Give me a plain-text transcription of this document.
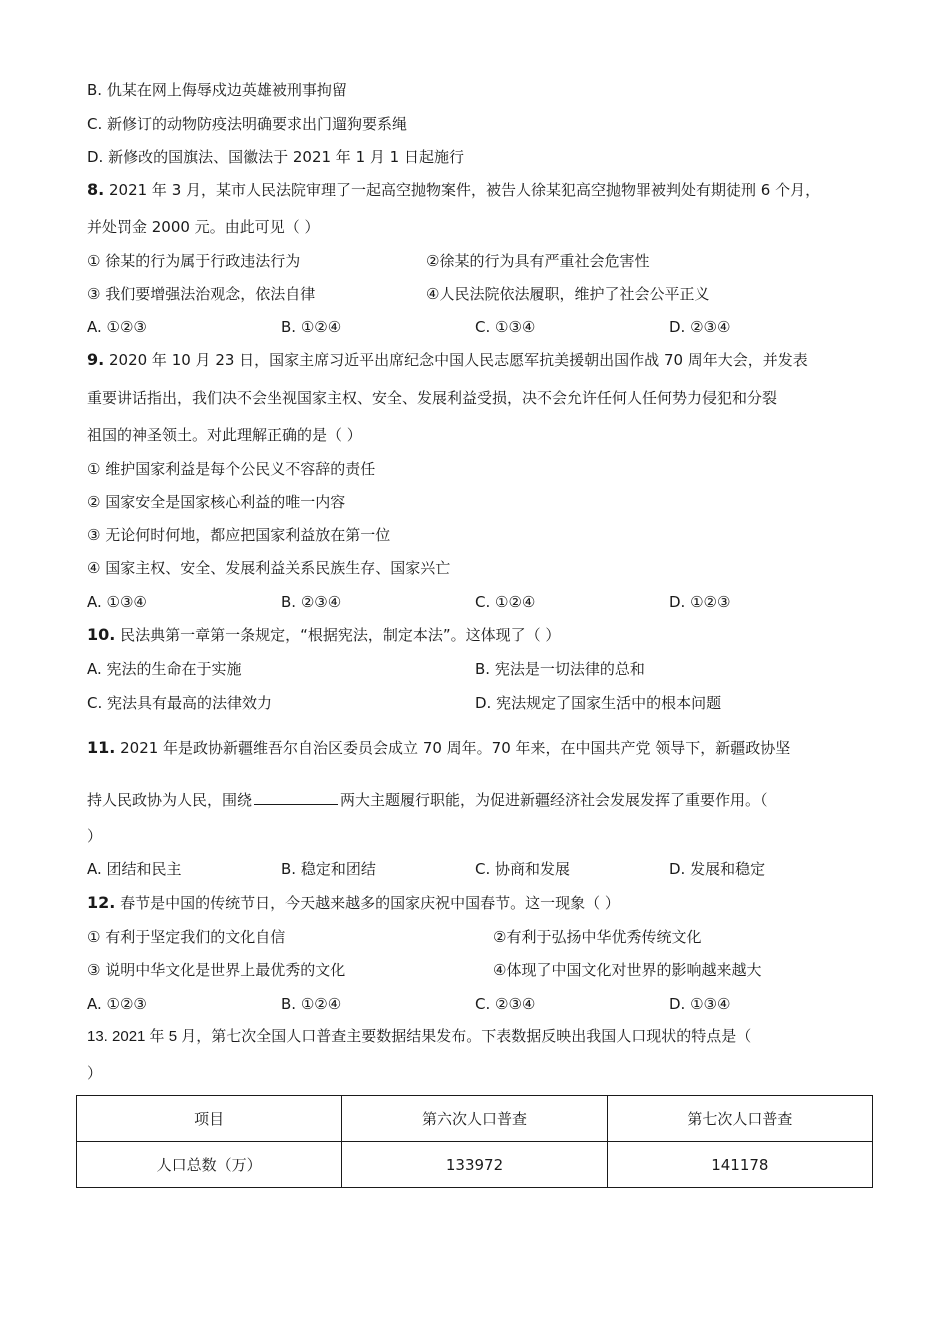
B. 仇某在网上侮辱戍边英雄被刑事拘留
C. 新修订的动物防疫法明确要求出门遛狗要系绳
D. 新修改的国旗法、国徽法于 2021 年 1 月 1 日起施行
8. 2021 年 3 月，某市人民法院审理了一起高空抛物案件，被告人徐某犯高空抛物罪被判处有期徒刑 6 个月，
并处罚金 2000 元。由此可见（ ）
① 徐某的行为属于行政违法行为	②徐某的行为具有严重社会危害性
③ 我们要增强法治观念，依法自律	④人民法院依法履职，维护了社会公平正义
A. ①②③	B. ①②④	C. ①③④	D. ②③④
9. 2020 年 10 月 23 日，国家主席习近平出席纪念中国人民志愿军抗美援朝出国作战 70 周年大会，并发表
重要讲话指出，我们决不会坐视国家主权、安全、发展利益受损，决不会允许任何人任何势力侵犯和分裂
祖国的神圣领土。对此理解正确的是（ ）
① 维护国家利益是每个公民义不容辞的责任
② 国家安全是国家核心利益的唯一内容
③ 无论何时何地，都应把国家利益放在第一位
④ 国家主权、安全、发展利益关系民族生存、国家兴亡
A. ①③④	B. ②③④	C. ①②④	D. ①②③
10. 民法典第一章第一条规定，“根据宪法，制定本法”。这体现了（ ）
A. 宪法的生命在于实施	B. 宪法是一切法律的总和
C. 宪法具有最高的法律效力	D. 宪法规定了国家生活中的根本问题
11. 2021 年是政协新疆维吾尔自治区委员会成立 70 周年。70 年来，在中国共产党 领导下，新疆政协坚
持人民政协为人民，围绕	两大主题履行职能，为促进新疆经济社会发展发挥了重要作用。（
）
A. 团结和民主	B. 稳定和团结	C. 协商和发展	D. 发展和稳定
12. 春节是中国的传统节日，今天越来越多的国家庆祝中国春节。这一现象（ ）
① 有利于坚定我们的文化自信	②有利于弘扬中华优秀传统文化
③ 说明中华文化是世界上最优秀的文化	④体现了中国文化对世界的影响越来越大
A. ①②③	B. ①②④	C. ②③④	D. ①③④
13. 2021 年 5 月，第七次全国人口普查主要数据结果发布。下表数据反映出我国人口现状的特点是（
）
项目	第六次人口普查	第七次人口普查
人口总数（万）	133972	141178
